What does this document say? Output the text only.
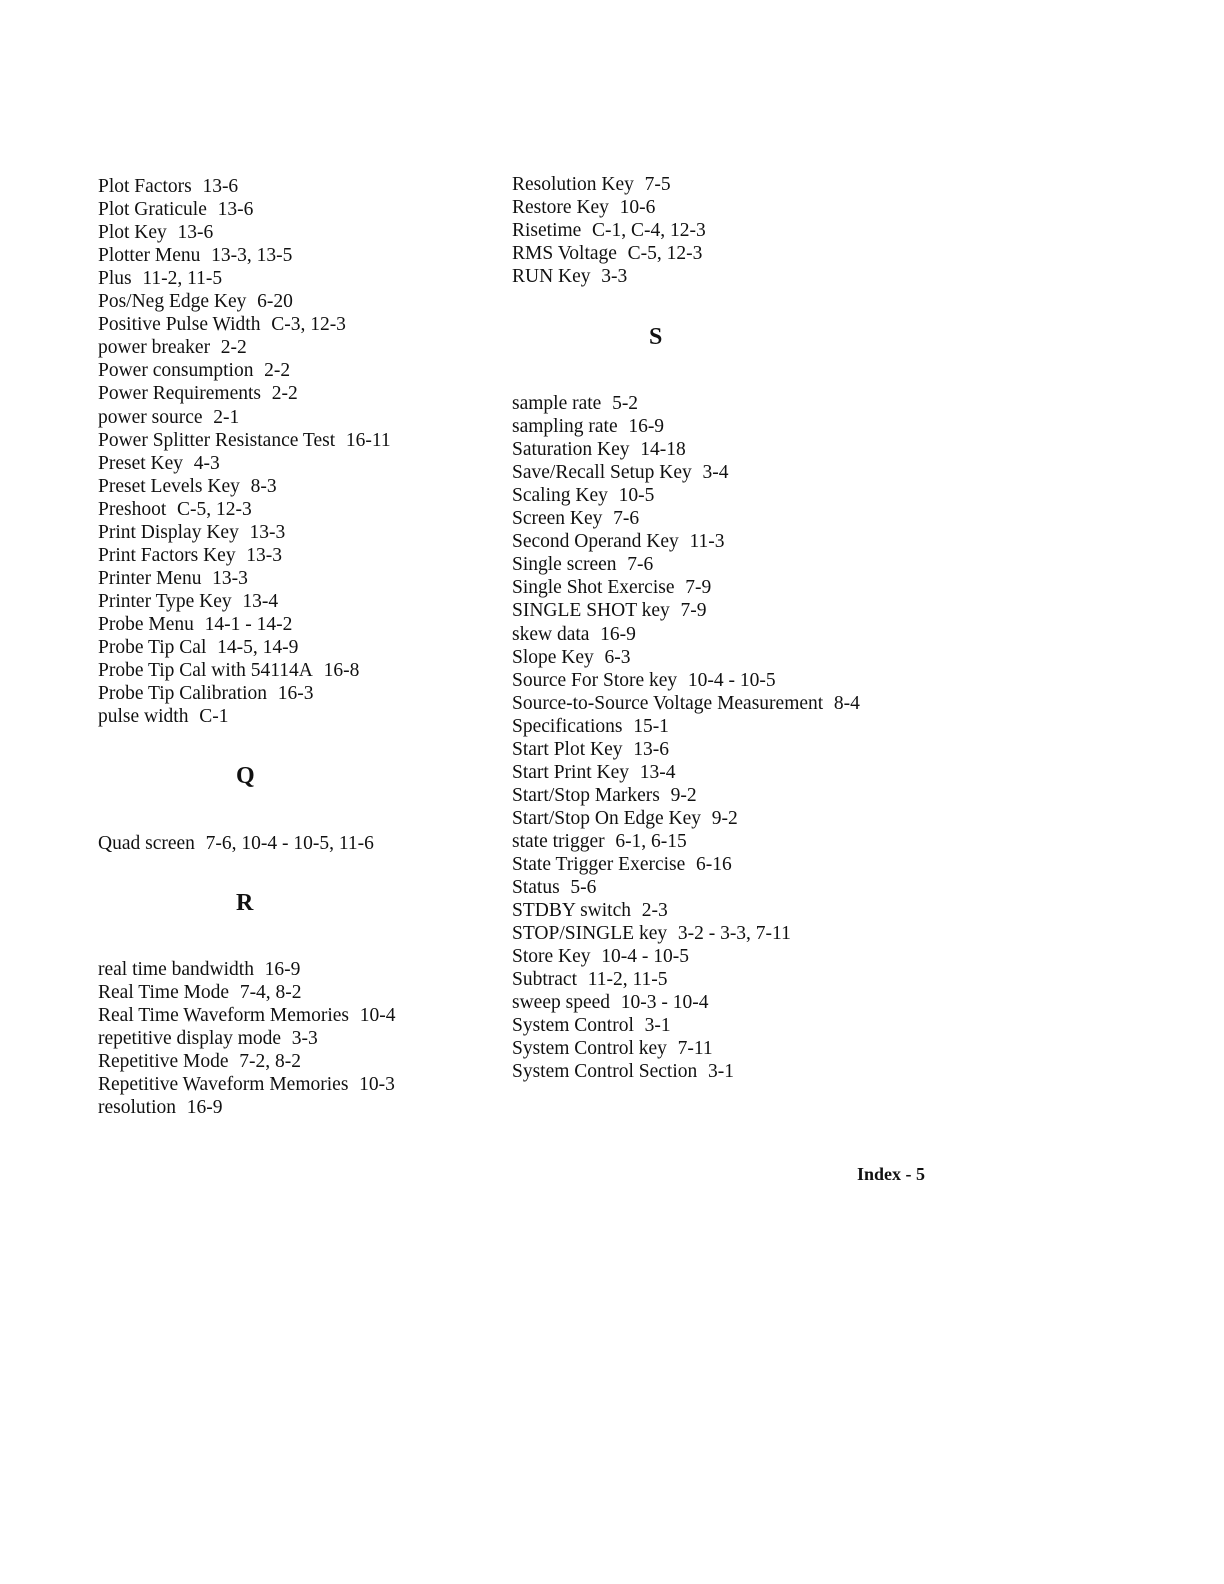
Plot Factors 13-6
Plot Graticule 13-6
Plot Key 13-6
Plotter Menu 13-3, 13-5
Plus 11-2, 11-5
Pos/Neg Edge Key 6-20
Positive Pulse Width C-3, 12-3
power breaker 2-2
Power consumption 2-2
Power Requirements 2-2
power source 2-1
Power Splitter Resistance Test 16-11
Preset Key 4-3
Preset Levels Key 8-3
Preshoot C-5, 12-3
Print Display Key 13-3
Print Factors Key 13-3
Printer Menu 13-3
Printer Type Key 13-4
Probe Menu 14-1 - 14-2
Probe Tip Cal 14-5, 14-9
Probe Tip Cal with 54114A 16-8
Probe Tip Calibration 16-3
pulse width C-1
Q
Quad screen 7-6, 10-4 - 10-5, 11-6
R
real time bandwidth 16-9
Real Time Mode 7-4, 8-2
Real Time Waveform Memories 10-4
repetitive display mode 3-3
Repetitive Mode 7-2, 8-2
Repetitive Waveform Memories 10-3
resolution 16-9
Resolution Key 7-5
Restore Key 10-6
Risetime C-1, C-4, 12-3
RMS Voltage C-5, 12-3
RUN Key 3-3
S
sample rate 5-2
sampling rate 16-9
Saturation Key 14-18
Save/Recall Setup Key 3-4
Scaling Key 10-5
Screen Key 7-6
Second Operand Key 11-3
Single screen 7-6
Single Shot Exercise 7-9
SINGLE SHOT key 7-9
skew data 16-9
Slope Key 6-3
Source For Store key 10-4 - 10-5
Source-to-Source Voltage Measurement 8-4
Specifications 15-1
Start Plot Key 13-6
Start Print Key 13-4
Start/Stop Markers 9-2
Start/Stop On Edge Key 9-2
state trigger 6-1, 6-15
State Trigger Exercise 6-16
Status 5-6
STDBY switch 2-3
STOP/SINGLE key 3-2 - 3-3, 7-11
Store Key 10-4 - 10-5
Subtract 11-2, 11-5
sweep speed 10-3 - 10-4
System Control 3-1
System Control key 7-11
System Control Section 3-1
Index - 5
